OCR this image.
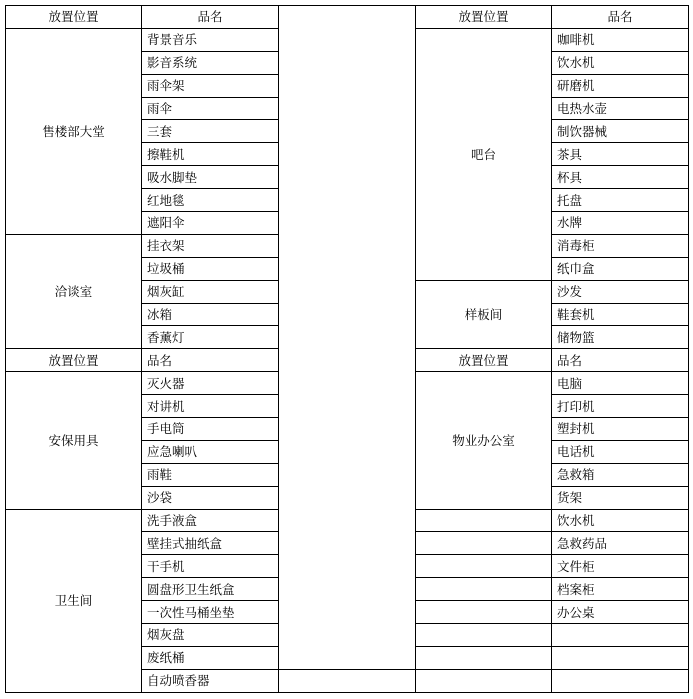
放置位置	品名		放置位置	品名
售楼部大堂	背景音乐		吧台	咖啡机
	影音系统			饮水机
	雨伞架			研磨机
	雨伞			电热水壶
	三套			制饮器械
	擦鞋机			茶具
	吸水脚垫			杯具
	红地毯			托盘
	遮阳伞			水牌
洽谈室	挂衣架			消毒柜
	垃圾桶			纸巾盒
	烟灰缸		样板间	沙发
	冰箱			鞋套机
	香薰灯			储物篮
放置位置	品名		放置位置	品名
安保用具	灭火器		物业办公室	电脑
	对讲机			打印机
	手电筒			塑封机
	应急喇叭			电话机
	雨鞋			急救箱
	沙袋			货架
卫生间	洗手液盒			饮水机
	壁挂式抽纸盒			急救药品
	干手机			文件柜
	圆盘形卫生纸盒			档案柜
	一次性马桶坐垫			办公桌
	烟灰盘			
	废纸桶			
	自动喷香器			
